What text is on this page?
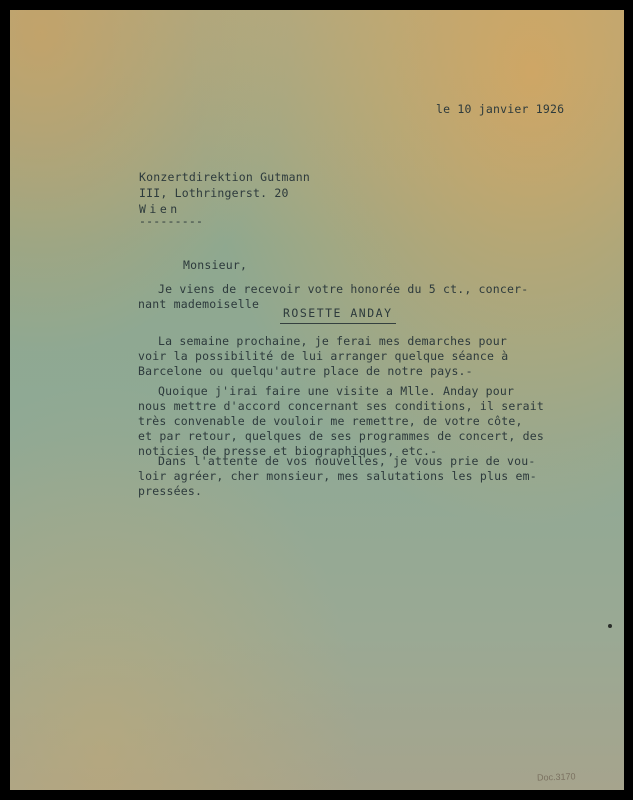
le 10 janvier 1926
Konzertdirektion Gutmann
III, Lothringerst. 20
Wien
---------
Monsieur,
Je viens de recevoir votre honorée du 5 ct., concer-
nant mademoiselle
ROSETTE ANDAY
La semaine prochaine, je ferai mes demarches pour
voir la possibilité de lui arranger quelque séance à
Barcelone ou quelqu'autre place de notre pays.-
Quoique j'irai faire une visite a Mlle. Anday pour
nous mettre d'accord concernant ses conditions, il serait
très convenable de vouloir me remettre, de votre côte,
et par retour, quelques de ses programmes de concert, des
noticies de presse et biographiques, etc.-
Dans l'attente de vos nouvelles, je vous prie de vou-
loir agréer, cher monsieur, mes salutations les plus em-
pressées.
Doc.3170
